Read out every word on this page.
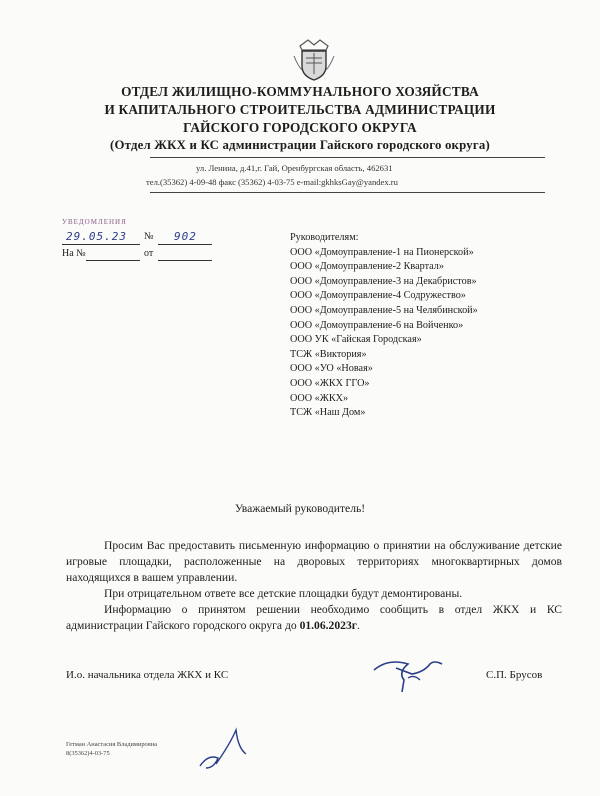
ОТДЕЛ ЖИЛИЩНО-КОММУНАЛЬНОГО ХОЗЯЙСТВА
И КАПИТАЛЬНОГО СТРОИТЕЛЬСТВА АДМИНИСТРАЦИИ
ГАЙСКОГО ГОРОДСКОГО ОКРУГА
(Отдел ЖКХ и КС администрации Гайского городского округа)
ул. Ленина, д.41,г. Гай, Оренбургская область, 462631
тел.(35362) 4-09-48 факс (35362) 4-03-75 e-mail:gkhksGay@yandex.ru
УВЕДОМЛЕНИЯ
29.05.23 № 902
На №	от
Руководителям:
ООО «Домоуправление-1 на Пионерской»
ООО «Домоуправление-2 Квартал»
ООО «Домоуправление-3 на Декабристов»
ООО «Домоуправление-4 Содружество»
ООО «Домоуправление-5 на Челябинской»
ООО «Домоуправление-6 на Войченко»
ООО УК «Гайская Городская»
ТСЖ «Виктория»
ООО «УО «Новая»
ООО «ЖКХ ГГО»
ООО «ЖКХ»
ТСЖ «Наш Дом»
Уважаемый руководитель!

Просим Вас предоставить письменную информацию о принятии на обслуживание детские игровые площадки, расположенные на дворовых территориях многоквартирных домов находящихся в вашем управлении.

При отрицательном ответе все детские площадки будут демонтированы.

Информацию о принятом решении необходимо сообщить в отдел ЖКХ и КС администрации Гайского городского округа до 01.06.2023г.

И.о. начальника отдела ЖКХ и КС	С.П. Брусов
Гетман Анастасия Владимировна
8(35362)4-03-75
